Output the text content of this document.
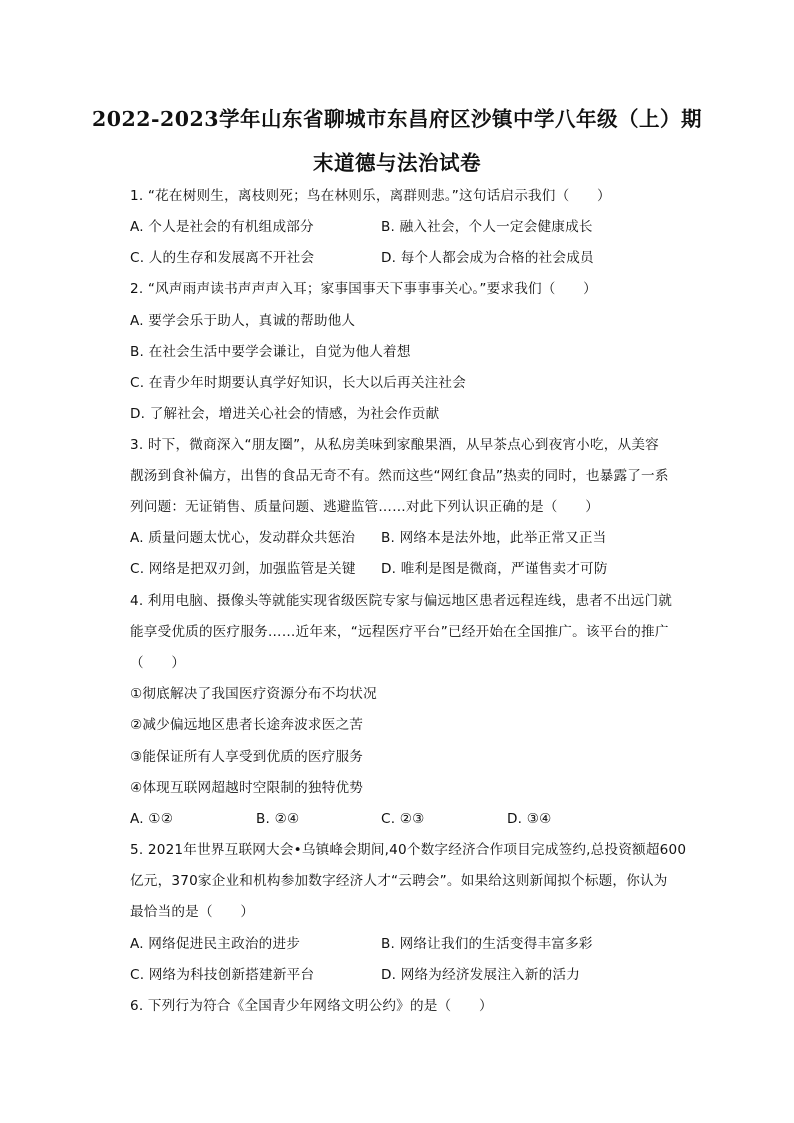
2022-2023学年山东省聊城市东昌府区沙镇中学八年级（上）期
末道德与法治试卷
1. “花在树则生，离枝则死；鸟在林则乐，离群则悲。”这句话启示我们（　　）
A. 个人是社会的有机组成部分	B. 融入社会，个人一定会健康成长
C. 人的生存和发展离不开社会	D. 每个人都会成为合格的社会成员
2. “风声雨声读书声声声入耳；家事国事天下事事事关心。”要求我们（　　）
A. 要学会乐于助人，真诚的帮助他人
B. 在社会生活中要学会谦让，自觉为他人着想
C. 在青少年时期要认真学好知识，长大以后再关注社会
D. 了解社会，增进关心社会的情感，为社会作贡献
3. 时下，微商深入“朋友圈”，从私房美味到家酿果酒，从早茶点心到夜宵小吃，从美容
靓汤到食补偏方，出售的食品无奇不有。然而这些“网红食品”热卖的同时，也暴露了一系
列问题：无证销售、质量问题、逃避监管……对此下列认识正确的是（　　）
A. 质量问题太忧心，发动群众共惩治 B. 网络本是法外地，此举正常又正当
C. 网络是把双刃剑，加强监管是关键 D. 唯利是图是微商，严谨售卖才可防
4. 利用电脑、摄像头等就能实现省级医院专家与偏远地区患者远程连线，患者不出远门就
能享受优质的医疗服务……近年来，“远程医疗平台”已经开始在全国推广。该平台的推广
（　　）
①彻底解决了我国医疗资源分布不均状况
②减少偏远地区患者长途奔波求医之苦
③能保证所有人享受到优质的医疗服务
④体现互联网超越时空限制的独特优势
A. ①②	B. ②④	C. ②③	D. ③④
5. 2021年世界互联网大会•乌镇峰会期间,40个数字经济合作项目完成签约,总投资额超600
亿元，370家企业和机构参加数字经济人才“云聘会”。如果给这则新闻拟个标题，你认为
最恰当的是（　　）
A. 网络促进民主政治的进步	B. 网络让我们的生活变得丰富多彩
C. 网络为科技创新搭建新平台	D. 网络为经济发展注入新的活力
6. 下列行为符合《全国青少年网络文明公约》的是（　　）
